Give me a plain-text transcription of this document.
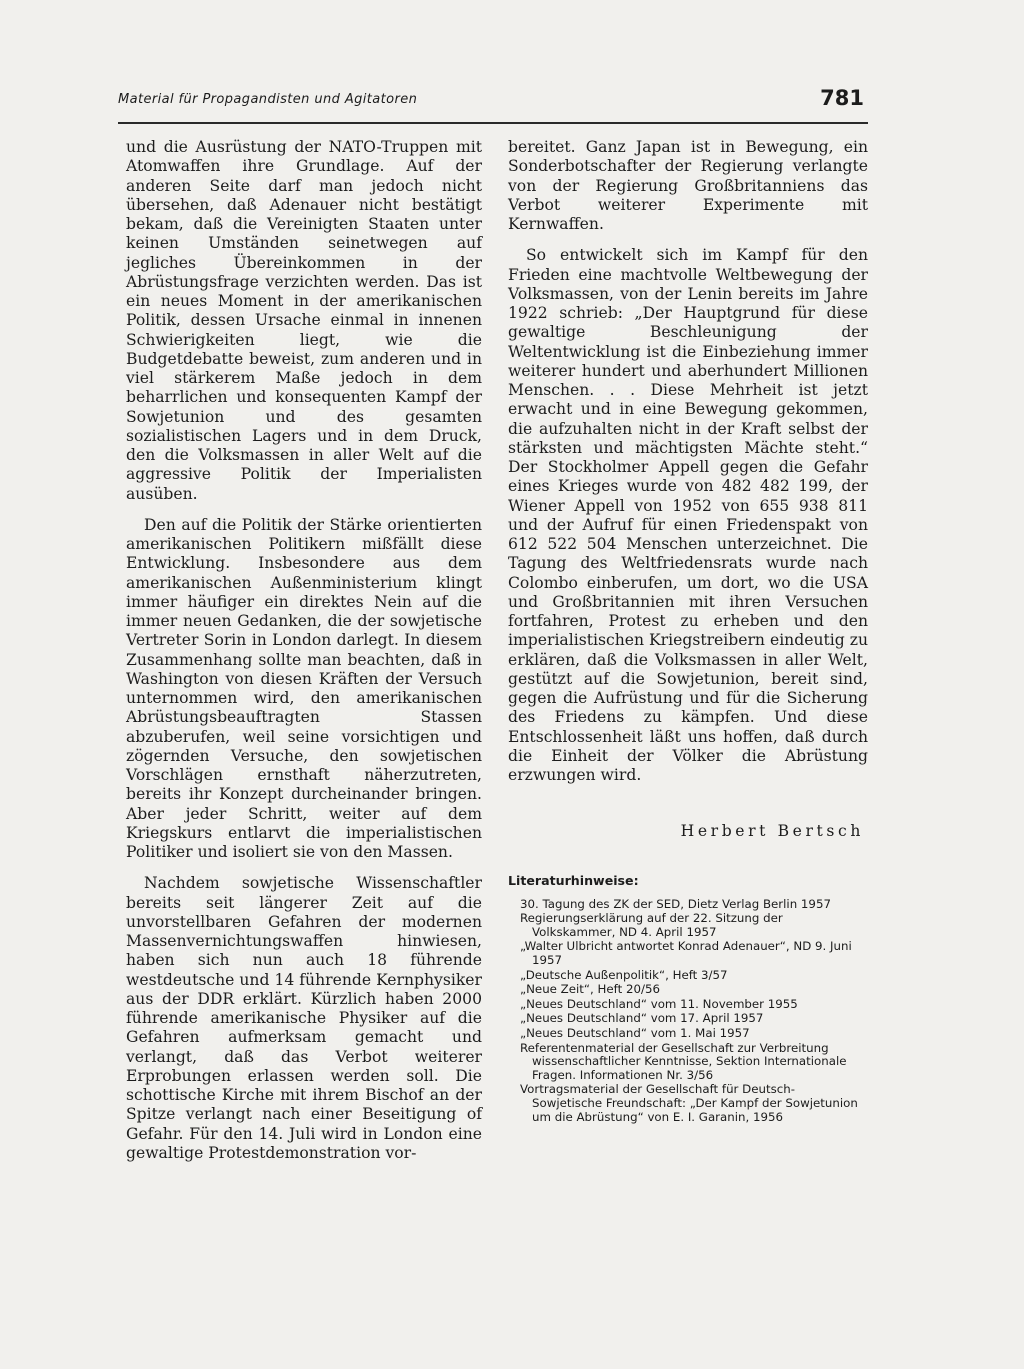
Material für Propagandisten und Agitatoren	781

und die Ausrüstung der NATO-Truppen mit Atomwaffen ihre Grundlage. Auf der anderen Seite darf man jedoch nicht übersehen, daß Adenauer nicht bestätigt bekam, daß die Vereinigten Staaten unter keinen Umständen seinetwegen auf jegliches Übereinkommen in der Abrüstungsfrage verzichten werden. Das ist ein neues Moment in der amerikanischen Politik, dessen Ursache einmal in innenen Schwierigkeiten liegt, wie die Budgetdebatte beweist, zum anderen und in viel stärkerem Maße jedoch in dem beharrlichen und konsequenten Kampf der Sowjetunion und des gesamten sozialistischen Lagers und in dem Druck, den die Volksmassen in aller Welt auf die aggressive Politik der Imperialisten ausüben.

Den auf die Politik der Stärke orientierten amerikanischen Politikern mißfällt diese Entwicklung. Insbesondere aus dem amerikanischen Außenministerium klingt immer häufiger ein direktes Nein auf die immer neuen Gedanken, die der sowjetische Vertreter Sorin in London darlegt. In diesem Zusammenhang sollte man beachten, daß in Washington von diesen Kräften der Versuch unternommen wird, den amerikanischen Abrüstungsbeauftragten Stassen abzuberufen, weil seine vorsichtigen und zögernden Versuche, den sowjetischen Vorschlägen ernsthaft näherzutreten, bereits ihr Konzept durcheinander bringen. Aber jeder Schritt, weiter auf dem Kriegskurs entlarvt die imperialistischen Politiker und isoliert sie von den Massen.

Nachdem sowjetische Wissenschaftler bereits seit längerer Zeit auf die unvorstellbaren Gefahren der modernen Massenvernichtungswaffen hinwiesen, haben sich nun auch 18 führende westdeutsche und 14 führende Kernphysiker aus der DDR erklärt. Kürzlich haben 2000 führende amerikanische Physiker auf die Gefahren aufmerksam gemacht und verlangt, daß das Verbot weiterer Erprobungen erlassen werden soll. Die schottische Kirche mit ihrem Bischof an der Spitze verlangt nach einer Beseitigung of Gefahr. Für den 14. Juli wird in London eine gewaltige Protestdemonstration vor-

bereitet. Ganz Japan ist in Bewegung, ein Sonderbotschafter der Regierung verlangte von der Regierung Großbritanniens das Verbot weiterer Experimente mit Kernwaffen.

So entwickelt sich im Kampf für den Frieden eine machtvolle Weltbewegung der Volksmassen, von der Lenin bereits im Jahre 1922 schrieb: „Der Hauptgrund für diese gewaltige Beschleunigung der Weltentwicklung ist die Einbeziehung immer weiterer hundert und aberhundert Millionen Menschen. . . Diese Mehrheit ist jetzt erwacht und in eine Bewegung gekommen, die aufzuhalten nicht in der Kraft selbst der stärksten und mächtigsten Mächte steht.“ Der Stockholmer Appell gegen die Gefahr eines Krieges wurde von 482 482 199, der Wiener Appell von 1952 von 655 938 811 und der Aufruf für einen Friedenspakt von 612 522 504 Menschen unterzeichnet. Die Tagung des Weltfriedensrats wurde nach Colombo einberufen, um dort, wo die USA und Großbritannien mit ihren Versuchen fortfahren, Protest zu erheben und den imperialistischen Kriegstreibern eindeutig zu erklären, daß die Volksmassen in aller Welt, gestützt auf die Sowjetunion, bereit sind, gegen die Aufrüstung und für die Sicherung des Friedens zu kämpfen. Und diese Entschlossenheit läßt uns hoffen, daß durch die Einheit der Völker die Abrüstung erzwungen wird.

Herbert Bertsch
Literaturhinweise:
30. Tagung des ZK der SED, Dietz Verlag Berlin 1957
Regierungserklärung auf der 22. Sitzung der Volkskammer, ND 4. April 1957
„Walter Ulbricht antwortet Konrad Adenauer“, ND 9. Juni 1957
„Deutsche Außenpolitik“, Heft 3/57
„Neue Zeit“, Heft 20/56
„Neues Deutschland“ vom 11. November 1955
„Neues Deutschland“ vom 17. April 1957
„Neues Deutschland“ vom 1. Mai 1957
Referentenmaterial der Gesellschaft zur Verbreitung wissenschaftlicher Kenntnisse, Sektion Internationale Fragen. Informationen Nr. 3/56
Vortragsmaterial der Gesellschaft für Deutsch-Sowjetische Freundschaft: „Der Kampf der Sowjetunion um die Abrüstung“ von E. I. Garanin, 1956
